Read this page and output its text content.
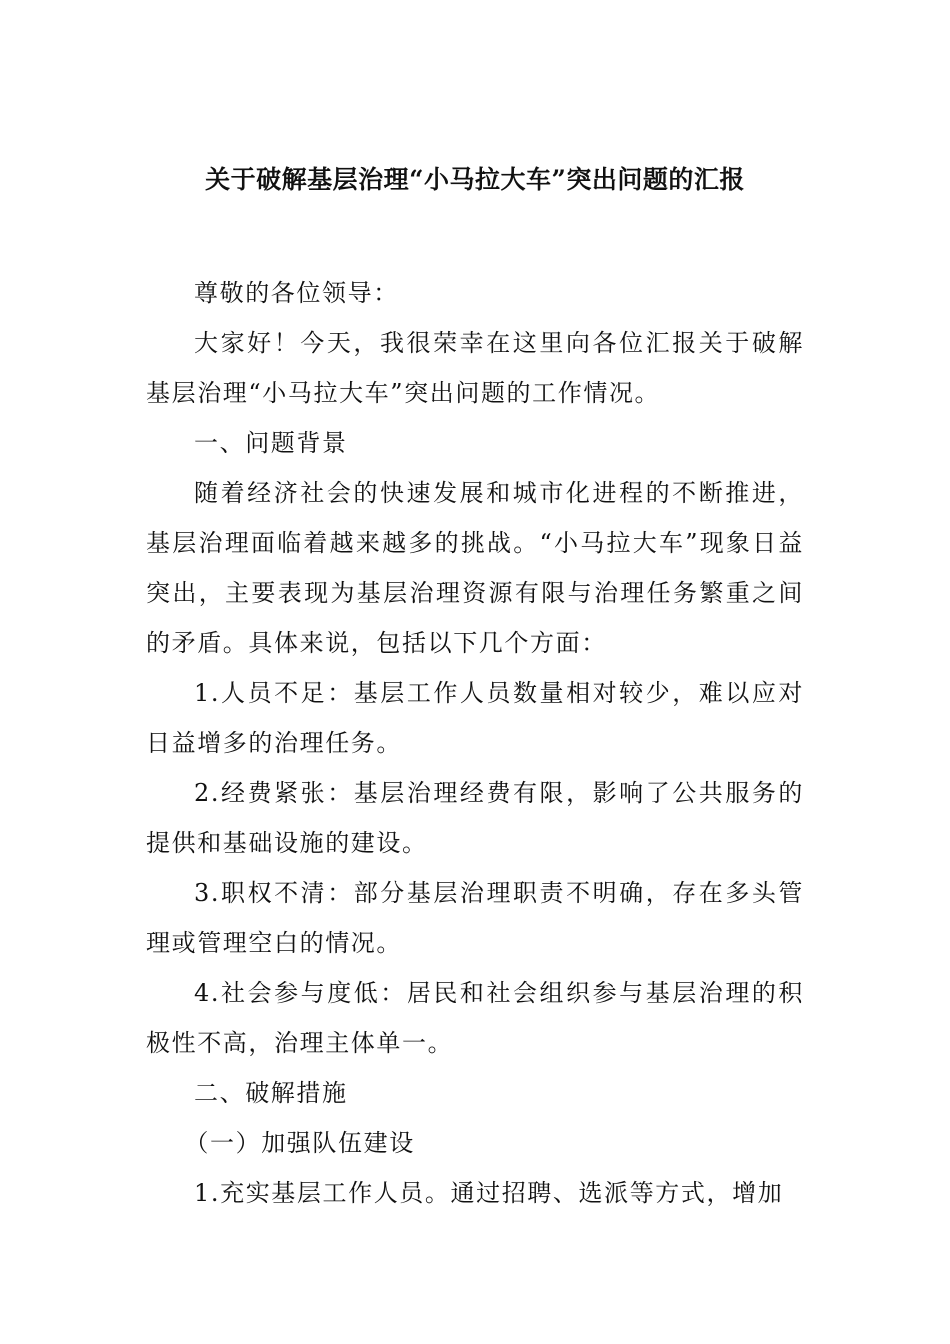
关于破解基层治理“小马拉大车”突出问题的汇报

尊敬的各位领导：

大家好！今天，我很荣幸在这里向各位汇报关于破解基层治理“小马拉大车”突出问题的工作情况。

一、问题背景

随着经济社会的快速发展和城市化进程的不断推进，基层治理面临着越来越多的挑战。“小马拉大车”现象日益突出，主要表现为基层治理资源有限与治理任务繁重之间的矛盾。具体来说，包括以下几个方面：

1.人员不足：基层工作人员数量相对较少，难以应对日益增多的治理任务。

2.经费紧张：基层治理经费有限，影响了公共服务的提供和基础设施的建设。

3.职权不清：部分基层治理职责不明确，存在多头管理或管理空白的情况。

4.社会参与度低：居民和社会组织参与基层治理的积极性不高，治理主体单一。

二、破解措施

（一）加强队伍建设

1.充实基层工作人员。通过招聘、选派等方式，增加
